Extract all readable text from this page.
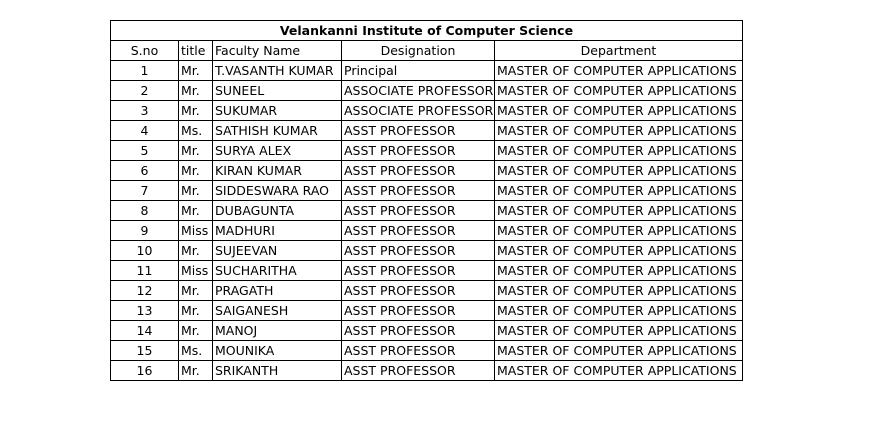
Velankanni Institute of Computer Science				
S.no	title	Faculty Name	Designation	Department
1	Mr.	T.VASANTH KUMAR	Principal	MASTER OF COMPUTER APPLICATIONS
2	Mr.	SUNEEL	ASSOCIATE PROFESSOR	MASTER OF COMPUTER APPLICATIONS
3	Mr.	SUKUMAR	ASSOCIATE PROFESSOR	MASTER OF COMPUTER APPLICATIONS
4	Ms.	SATHISH KUMAR	ASST PROFESSOR	MASTER OF COMPUTER APPLICATIONS
5	Mr.	SURYA ALEX	ASST PROFESSOR	MASTER OF COMPUTER APPLICATIONS
6	Mr.	KIRAN KUMAR	ASST PROFESSOR	MASTER OF COMPUTER APPLICATIONS
7	Mr.	SIDDESWARA RAO	ASST PROFESSOR	MASTER OF COMPUTER APPLICATIONS
8	Mr.	DUBAGUNTA	ASST PROFESSOR	MASTER OF COMPUTER APPLICATIONS
9	Miss	MADHURI	ASST PROFESSOR	MASTER OF COMPUTER APPLICATIONS
10	Mr.	SUJEEVAN	ASST PROFESSOR	MASTER OF COMPUTER APPLICATIONS
11	Miss	SUCHARITHA	ASST PROFESSOR	MASTER OF COMPUTER APPLICATIONS
12	Mr.	PRAGATH	ASST PROFESSOR	MASTER OF COMPUTER APPLICATIONS
13	Mr.	SAIGANESH	ASST PROFESSOR	MASTER OF COMPUTER APPLICATIONS
14	Mr.	MANOJ	ASST PROFESSOR	MASTER OF COMPUTER APPLICATIONS
15	Ms.	MOUNIKA	ASST PROFESSOR	MASTER OF COMPUTER APPLICATIONS
16	Mr.	SRIKANTH	ASST PROFESSOR	MASTER OF COMPUTER APPLICATIONS
